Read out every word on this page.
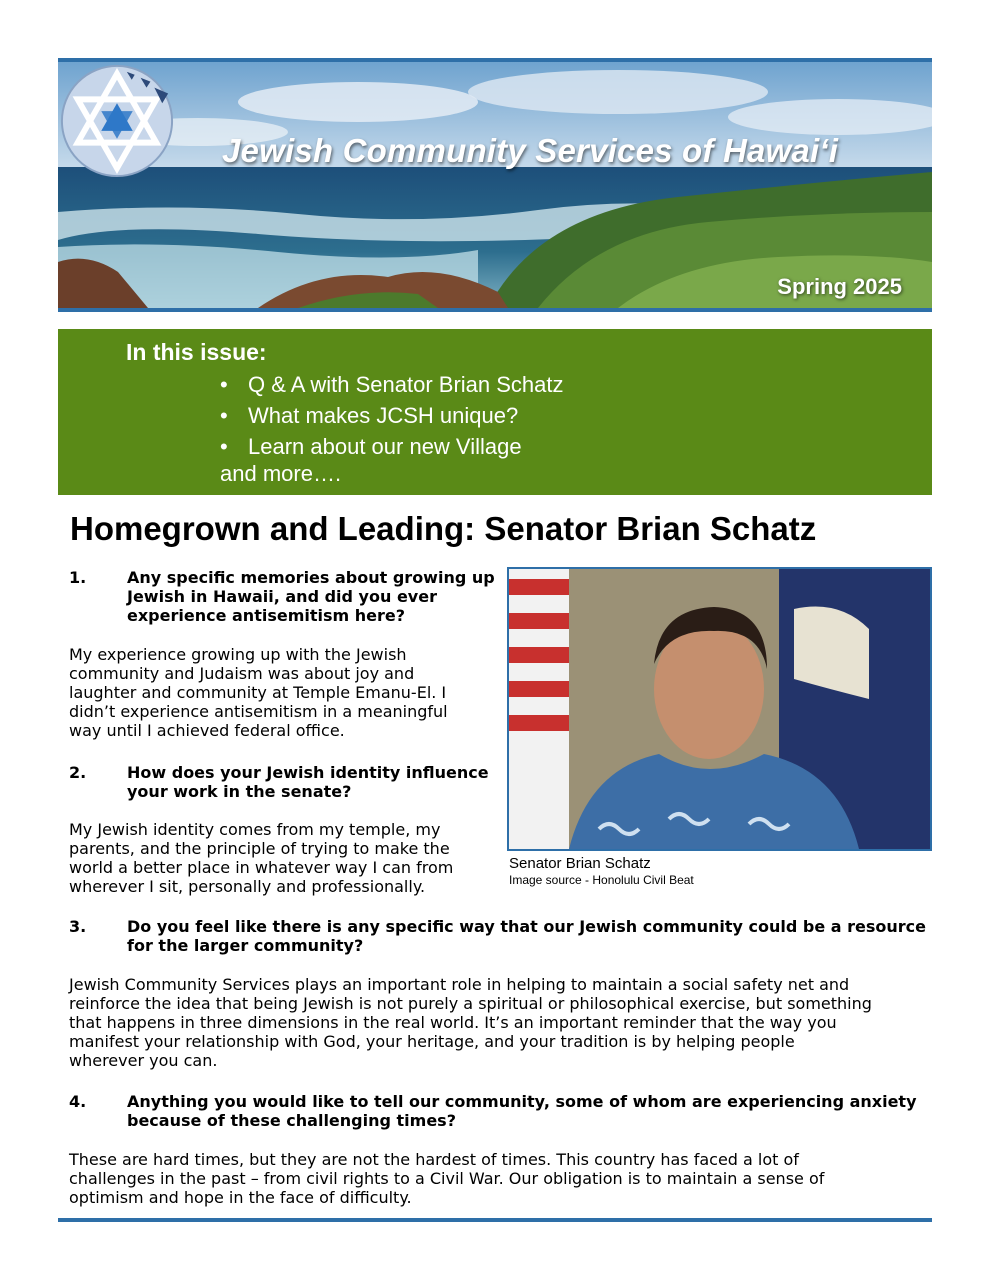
Jewish Community Services of Hawaiʻi
Spring 2025
In this issue:
• Q & A with Senator Brian Schatz
• What makes JCSH unique?
• Learn about our new Village
and more….
Homegrown and Leading: Senator Brian Schatz
1.	Any specific memories about growing up
Jewish in Hawaii, and did you ever
experience antisemitism here?
My experience growing up with the Jewish
community and Judaism was about joy and
laughter and community at Temple Emanu-El. I
didn’t experience antisemitism in a meaningful
way until I achieved federal office.
2.	How does your Jewish identity influence
your work in the senate?
My Jewish identity comes from my temple, my
parents, and the principle of trying to make the
world a better place in whatever way I can from
wherever I sit, personally and professionally.
Senator Brian Schatz
Image source - Honolulu Civil Beat
3.	Do you feel like there is any specific way that our Jewish community could be a resource
for the larger community?
Jewish Community Services plays an important role in helping to maintain a social safety net and
reinforce the idea that being Jewish is not purely a spiritual or philosophical exercise, but something
that happens in three dimensions in the real world. It’s an important reminder that the way you
manifest your relationship with God, your heritage, and your tradition is by helping people
wherever you can.
4.	Anything you would like to tell our community, some of whom are experiencing anxiety
because of these challenging times?
These are hard times, but they are not the hardest of times. This country has faced a lot of
challenges in the past – from civil rights to a Civil War. Our obligation is to maintain a sense of
optimism and hope in the face of difficulty.
